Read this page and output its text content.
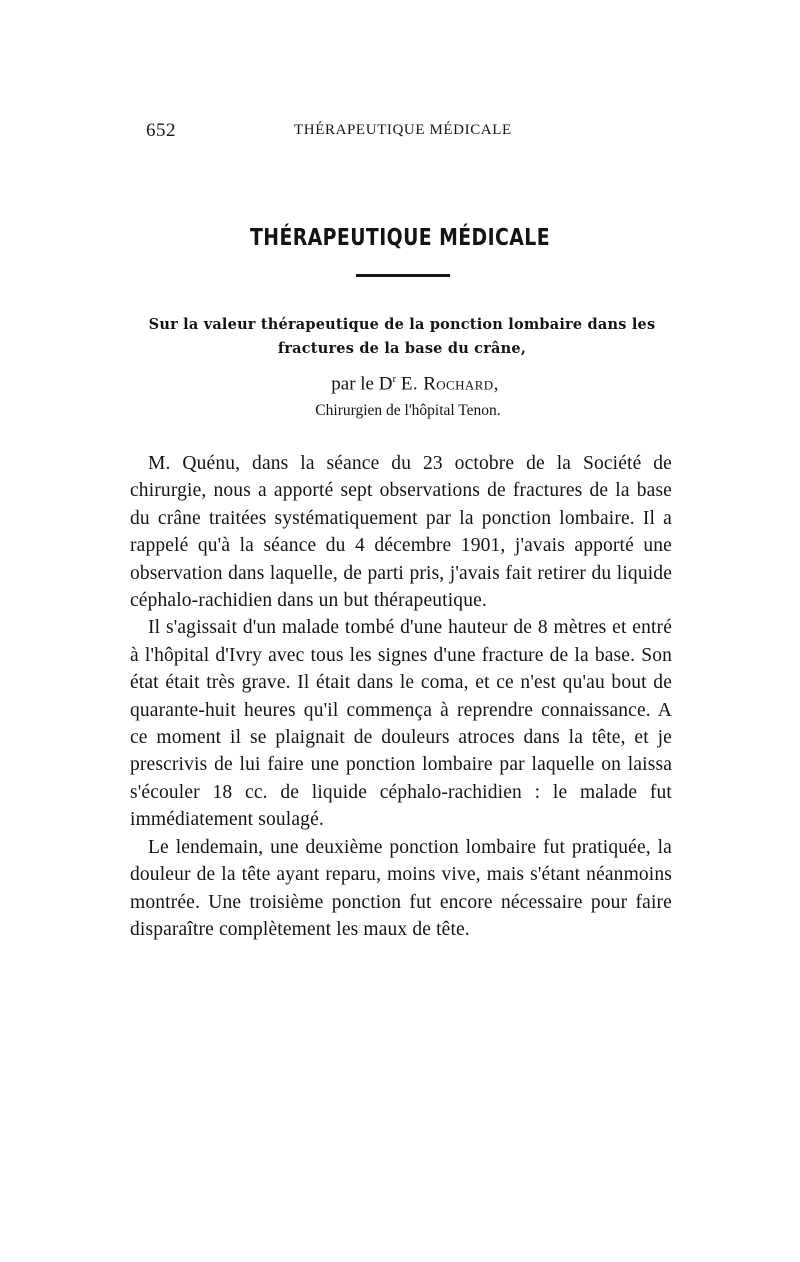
652	THÉRAPEUTIQUE MÉDICALE
THÉRAPEUTIQUE MÉDICALE
Sur la valeur thérapeutique de la ponction lombaire dans les fractures de la base du crâne,
par le $D^r$ E. Rochard,
Chirurgien de l'hôpital Tenon.

M. Quénu, dans la séance du 23 octobre de la Société de chirurgie, nous a apporté sept observations de fractures de la base du crâne traitées systématiquement par la ponction lombaire. Il a rappelé qu'à la séance du 4 décembre 1901, j'avais apporté une observation dans laquelle, de parti pris, j'avais fait retirer du liquide céphalo-rachidien dans un but thérapeutique.

Il s'agissait d'un malade tombé d'une hauteur de 8 mètres et entré à l'hôpital d'Ivry avec tous les signes d'une fracture de la base. Son état était très grave. Il était dans le coma, et ce n'est qu'au bout de quarante-huit heures qu'il commença à reprendre connaissance. A ce moment il se plaignait de douleurs atroces dans la tête, et je prescrivis de lui faire une ponction lombaire par laquelle on laissa s'écouler 18 cc. de liquide céphalo-rachidien : le malade fut immédiatement soulagé.

Le lendemain, une deuxième ponction lombaire fut pratiquée, la douleur de la tête ayant reparu, moins vive, mais s'étant néanmoins montrée. Une troisième ponction fut encore nécessaire pour faire disparaître complètement les maux de tête.
